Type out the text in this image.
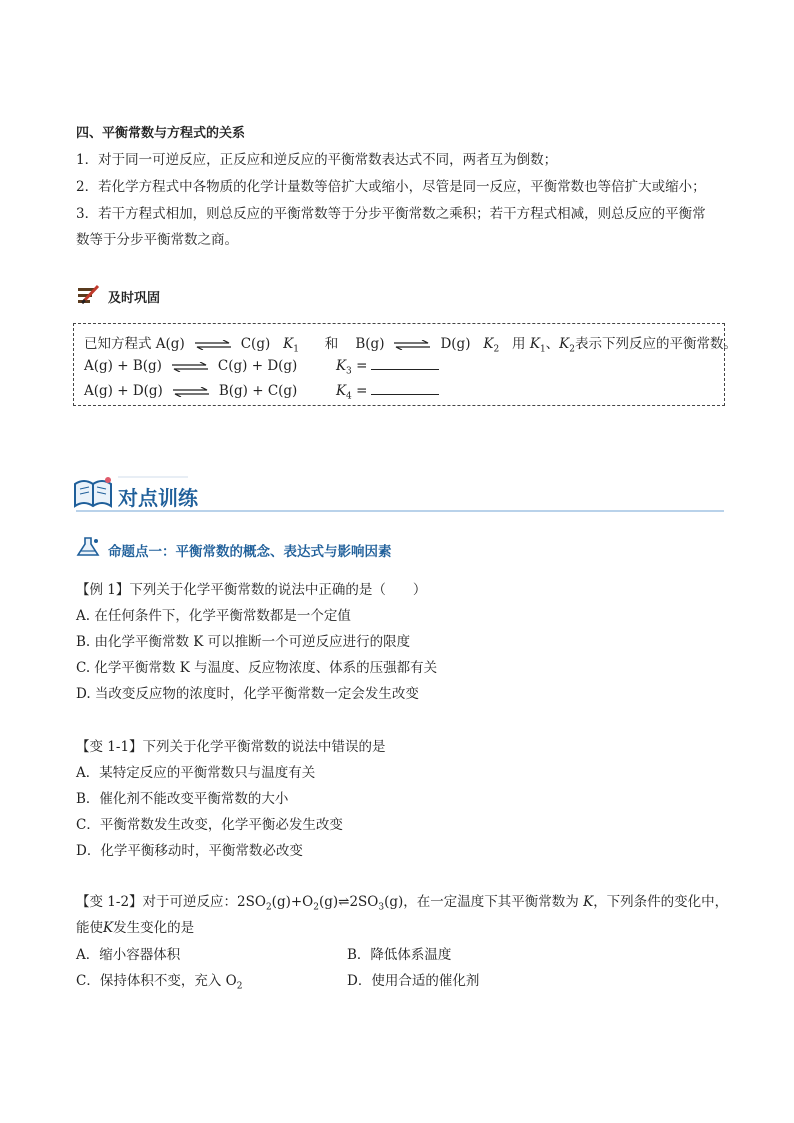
四、平衡常数与方程式的关系
1．对于同一可逆反应，正反应和逆反应的平衡常数表达式不同，两者互为倒数；
2．若化学方程式中各物质的化学计量数等倍扩大或缩小，尽管是同一反应，平衡常数也等倍扩大或缩小；
3．若干方程式相加，则总反应的平衡常数等于分步平衡常数之乘积；若干方程式相减，则总反应的平衡常
数等于分步平衡常数之商。
及时巩固
已知方程式 A(g) ⇌ C(g) $K_1$ 和 B(g) ⇌ D(g) $K_2$ 用 $K_1$、$K_2$表示下列反应的平衡常数。
A(g) + B(g) ⇌ C(g) + D(g)	$K_3$ =
A(g) + D(g) ⇌ B(g) + C(g)	$K_4$ =
对点训练
命题点一：平衡常数的概念、表达式与影响因素
【例 1】下列关于化学平衡常数的说法中正确的是（　　）
A. 在任何条件下，化学平衡常数都是一个定值
B. 由化学平衡常数 K 可以推断一个可逆反应进行的限度
C. 化学平衡常数 K 与温度、反应物浓度、体系的压强都有关
D. 当改变反应物的浓度时，化学平衡常数一定会发生改变
【变 1-1】下列关于化学平衡常数的说法中错误的是
A．某特定反应的平衡常数只与温度有关
B．催化剂不能改变平衡常数的大小
C．平衡常数发生改变，化学平衡必发生改变
D．化学平衡移动时，平衡常数必改变
【变 1-2】对于可逆反应：$2SO_2(g)+O_2(g)\rightleftharpoons 2SO_3(g)$，在一定温度下其平衡常数为 K，下列条件的变化中，
能使K发生变化的是
A．缩小容器体积	B．降低体系温度
C．保持体积不变，充入 $O_2$	D．使用合适的催化剂
